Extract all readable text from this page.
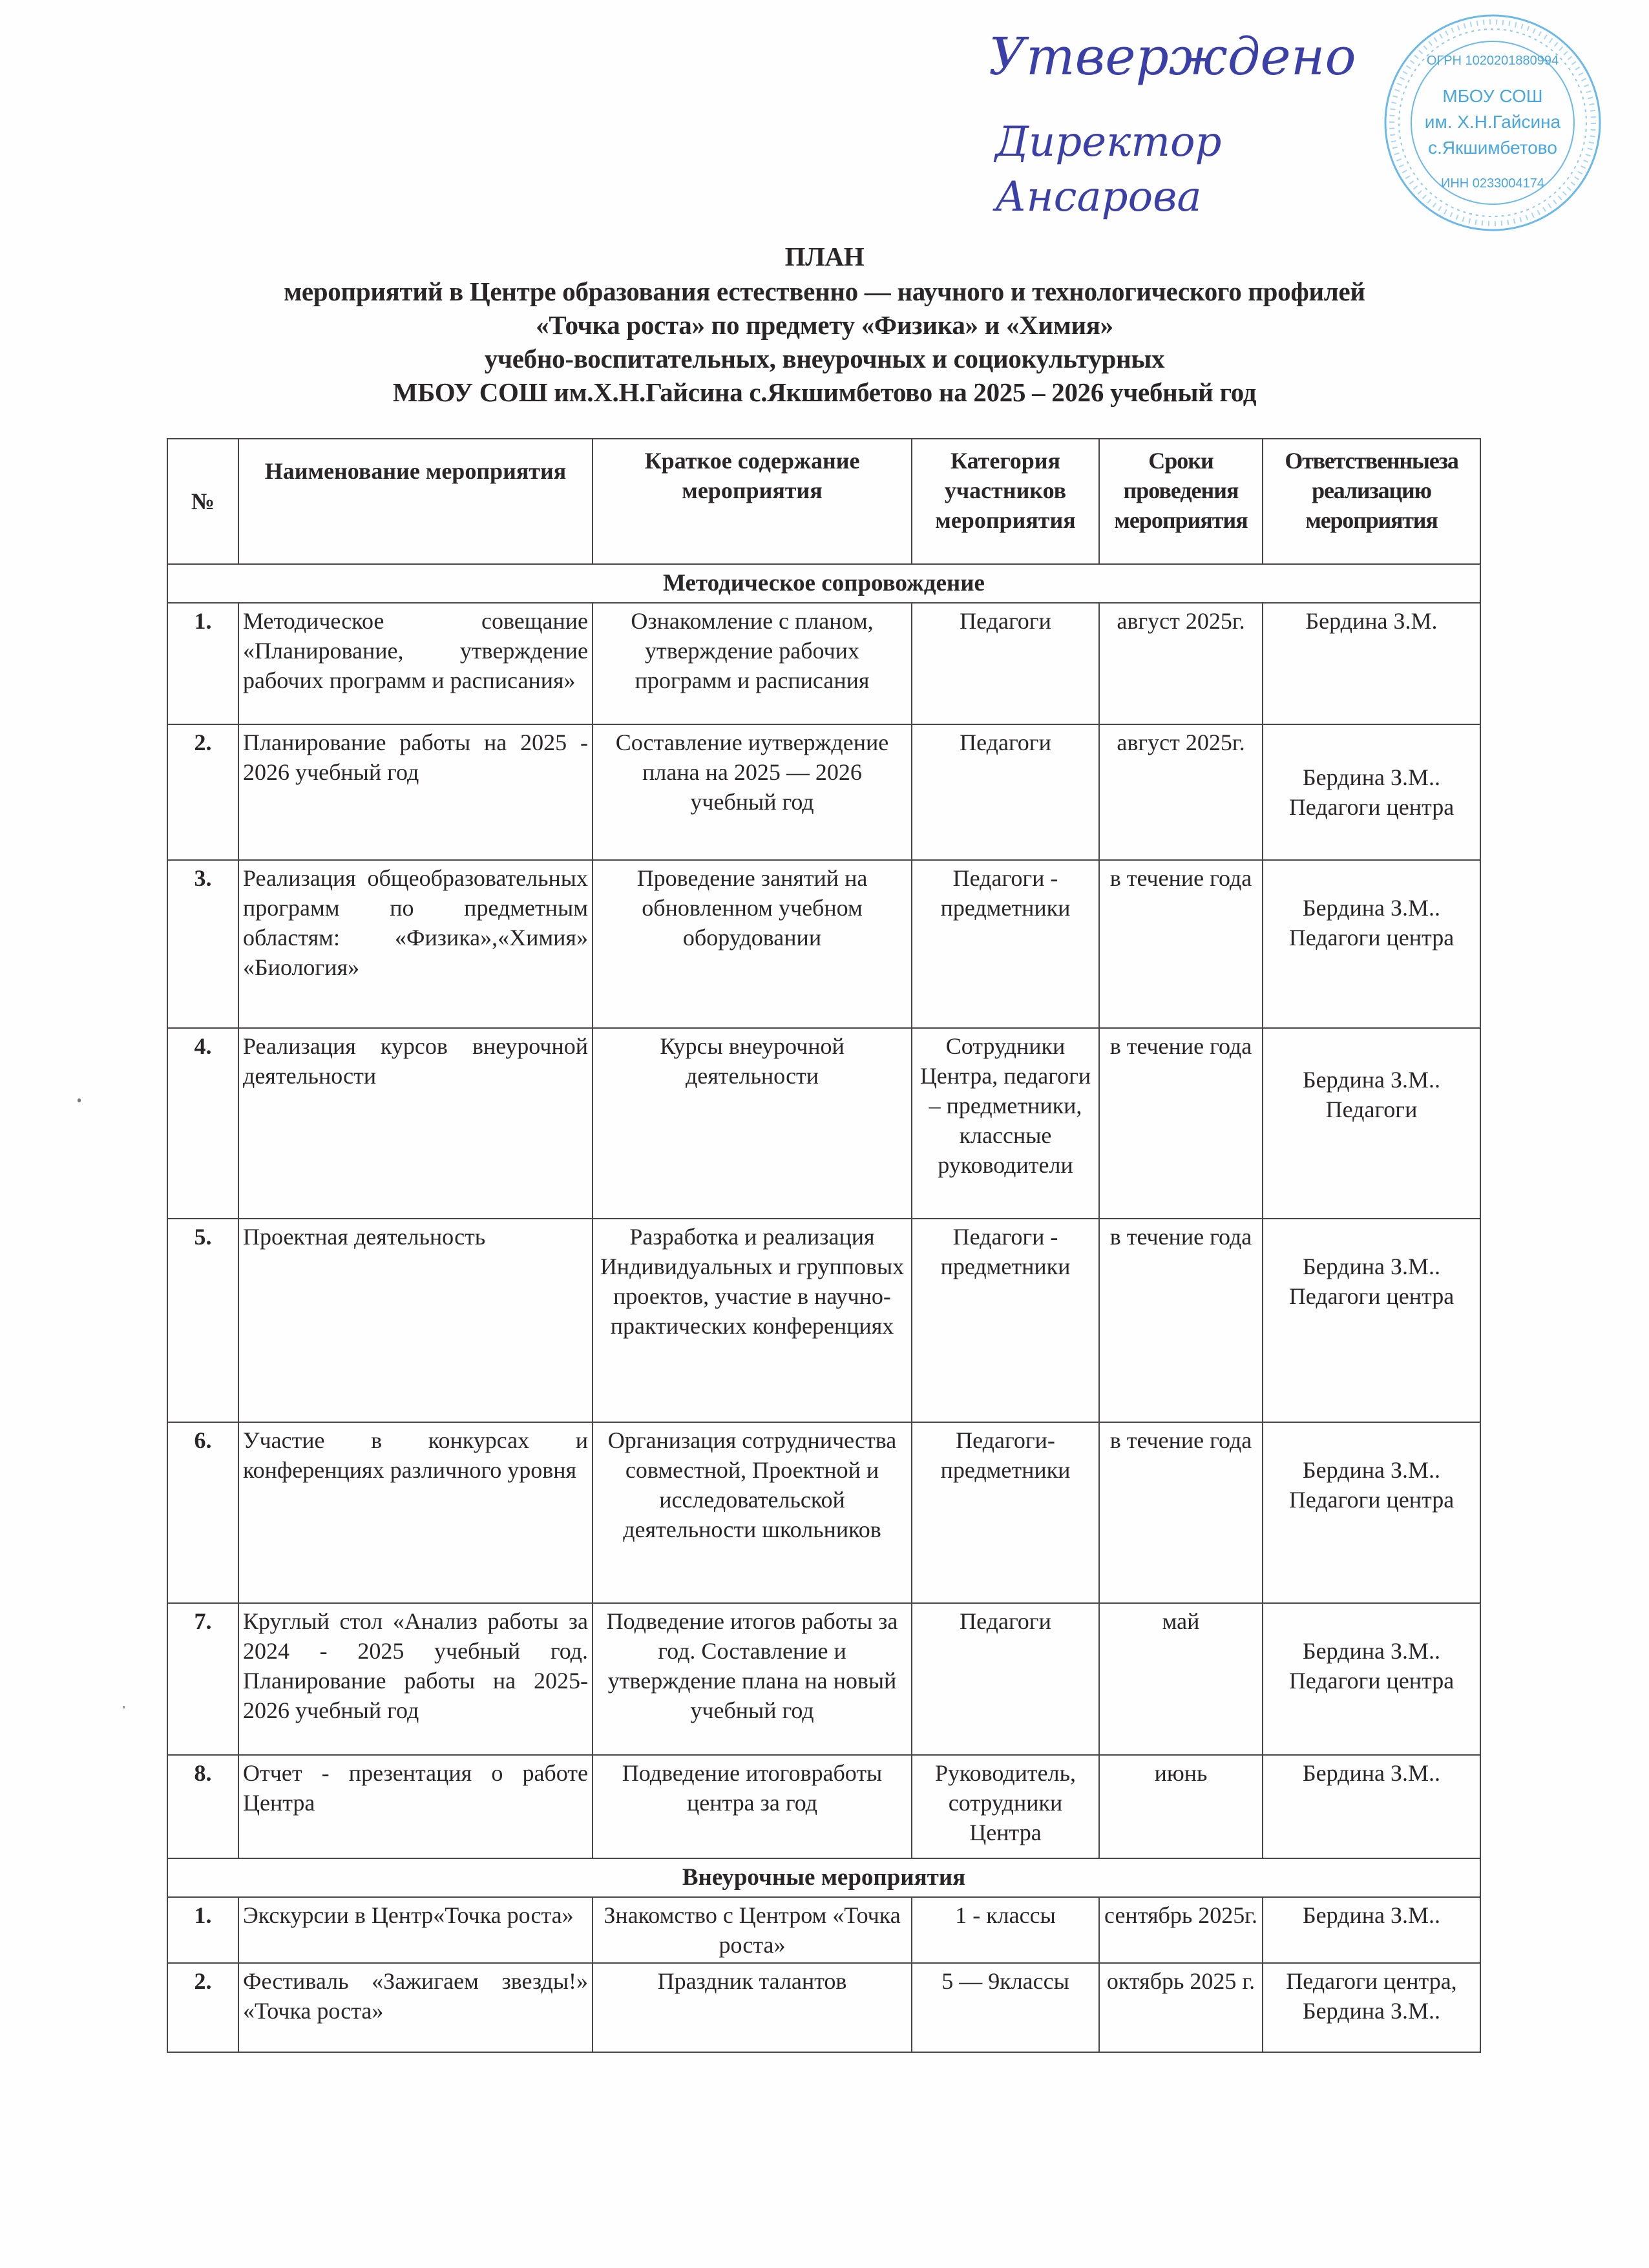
Утверждено
Директор
Ансарова
ОГРН 1020201880994
МБОУ СОШ
им. Х.Н.Гайсина
с.Якшимбетово
ИНН 0233004174
ПЛАН
мероприятий в Центре образования естественно — научного и технологического профилей
«Точка роста» по предмету «Физика» и «Химия»
учебно-воспитательных, внеурочных и социокультурных
МБОУ СОШ им.Х.Н.Гайсина с.Якшимбетово на 2025 – 2026 учебный год
№	Наименование мероприятия	Краткое содержание мероприятия	Категория участников мероприятия	Сроки проведения мероприятия	Ответственныеза реализацию мероприятия
Методическое сопровождение					
1.	Методическое совещание «Планирование, утверждение рабочих программ и расписания»	Ознакомление с планом, утверждение рабочих программ и расписания	Педагоги	август 2025г.	Бердина З.М.
2.	Планирование работы на 2025 - 2026 учебный год	Составление иутверждение плана на 2025 — 2026 учебный год	Педагоги	август 2025г.	Бердина З.М.. Педагоги центра
3.	Реализация общеобразовательных программ по предметным областям: «Физика»,«Химия» «Биология»	Проведение занятий на обновленном учебном оборудовании	Педагоги - предметники	в течение года	Бердина З.М.. Педагоги центра
4.	Реализация курсов внеурочной деятельности	Курсы внеурочной деятельности	Сотрудники Центра, педагоги – предметники, классные руководители	в течение года	Бердина З.М.. Педагоги
5.	Проектная деятельность	Разработка и реализация Индивидуальных и групповых проектов, участие в научно-практических конференциях	Педагоги - предметники	в течение года	Бердина З.М.. Педагоги центра
6.	Участие в конкурсах и конференциях различного уровня	Организация сотрудничества совместной, Проектной и исследовательской деятельности школьников	Педагоги- предметники	в течение года	Бердина З.М.. Педагоги центра
7.	Круглый стол «Анализ работы за 2024 - 2025 учебный год. Планирование работы на 2025- 2026 учебный год	Подведение итогов работы за год. Составление и утверждение плана на новый учебный год	Педагоги	май	Бердина З.М.. Педагоги центра
8.	Отчет - презентация о работе Центра	Подведение итоговработы центра за год	Руководитель, сотрудники Центра	июнь	Бердина З.М..
Внеурочные мероприятия					
1.	Экскурсии в Центр«Точка роста»	Знакомство с Центром «Точка роста»	1 - классы	сентябрь 2025г.	Бердина З.М..
2.	Фестиваль «Зажигаем звезды!» «Точка роста»	Праздник талантов	5 — 9классы	октябрь 2025 г.	Педагоги центра, Бердина З.М..
